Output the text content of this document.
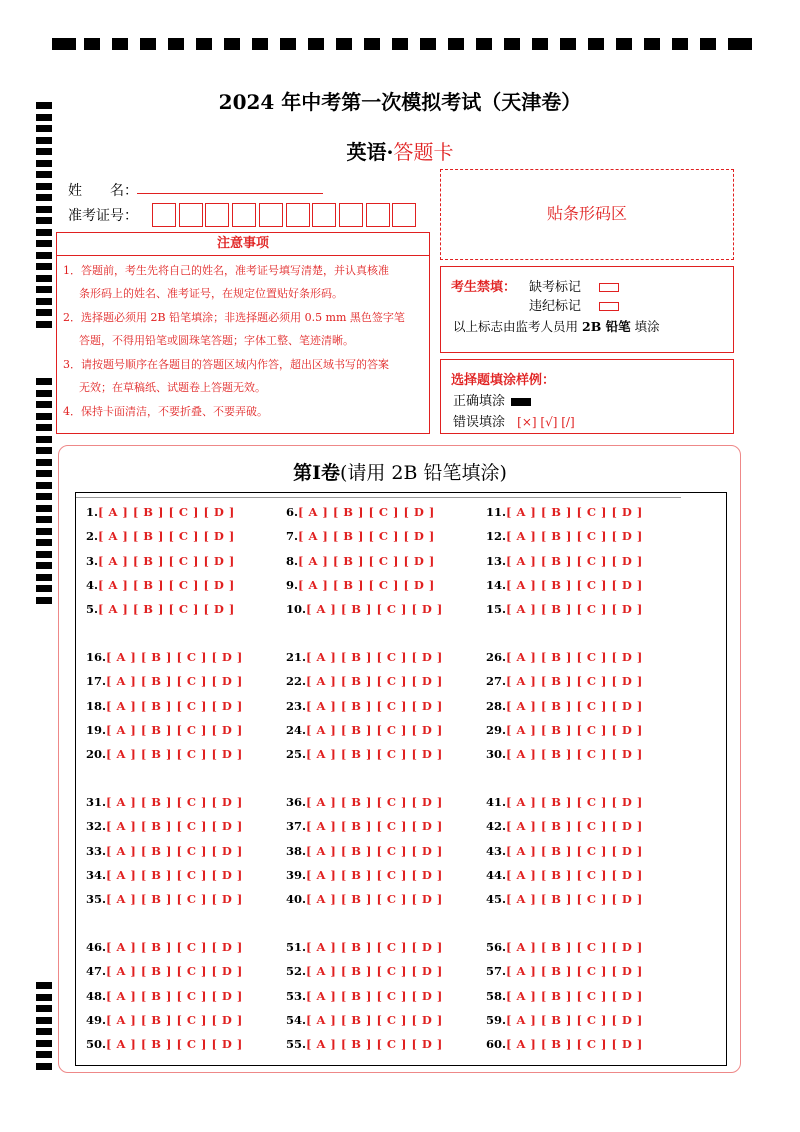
2024 年中考第一次模拟考试（天津卷）
英语·答题卡
姓　　名：
准考证号：	贴条形码区
注意事项
1．答题前，考生先将自己的姓名，准考证号填写清楚，并认真核准
条形码上的姓名、准考证号，在规定位置贴好条形码。
2．选择题必须用 2B 铅笔填涂；非选择题必须用 0.5 mm 黑色签字笔
答题，不得用铅笔或圆珠笔答题；字体工整、笔迹清晰。
3．请按题号顺序在各题目的答题区域内作答，超出区域书写的答案
无效；在草稿纸、试题卷上答题无效。
4．保持卡面清洁，不要折叠、不要弄破。
考生禁填： 缺考标记
违纪标记
以上标志由监考人员用 2B 铅笔 填涂
选择题填涂样例：
正确填涂
错误填涂 [×] [√] [/]
第Ⅰ卷(请用 2B 铅笔填涂)
1.[ A ] [ B ] [ C ] [ D ]
2.[ A ] [ B ] [ C ] [ D ]
3.[ A ] [ B ] [ C ] [ D ]
4.[ A ] [ B ] [ C ] [ D ]
5.[ A ] [ B ] [ C ] [ D ]
6.[ A ] [ B ] [ C ] [ D ]
7.[ A ] [ B ] [ C ] [ D ]
8.[ A ] [ B ] [ C ] [ D ]
9.[ A ] [ B ] [ C ] [ D ]
10.[ A ] [ B ] [ C ] [ D ]
11.[ A ] [ B ] [ C ] [ D ]
12.[ A ] [ B ] [ C ] [ D ]
13.[ A ] [ B ] [ C ] [ D ]
14.[ A ] [ B ] [ C ] [ D ]
15.[ A ] [ B ] [ C ] [ D ]
16.[ A ] [ B ] [ C ] [ D ]
17.[ A ] [ B ] [ C ] [ D ]
18.[ A ] [ B ] [ C ] [ D ]
19.[ A ] [ B ] [ C ] [ D ]
20.[ A ] [ B ] [ C ] [ D ]
21.[ A ] [ B ] [ C ] [ D ]
22.[ A ] [ B ] [ C ] [ D ]
23.[ A ] [ B ] [ C ] [ D ]
24.[ A ] [ B ] [ C ] [ D ]
25.[ A ] [ B ] [ C ] [ D ]
26.[ A ] [ B ] [ C ] [ D ]
27.[ A ] [ B ] [ C ] [ D ]
28.[ A ] [ B ] [ C ] [ D ]
29.[ A ] [ B ] [ C ] [ D ]
30.[ A ] [ B ] [ C ] [ D ]
31.[ A ] [ B ] [ C ] [ D ]
32.[ A ] [ B ] [ C ] [ D ]
33.[ A ] [ B ] [ C ] [ D ]
34.[ A ] [ B ] [ C ] [ D ]
35.[ A ] [ B ] [ C ] [ D ]
36.[ A ] [ B ] [ C ] [ D ]
37.[ A ] [ B ] [ C ] [ D ]
38.[ A ] [ B ] [ C ] [ D ]
39.[ A ] [ B ] [ C ] [ D ]
40.[ A ] [ B ] [ C ] [ D ]
41.[ A ] [ B ] [ C ] [ D ]
42.[ A ] [ B ] [ C ] [ D ]
43.[ A ] [ B ] [ C ] [ D ]
44.[ A ] [ B ] [ C ] [ D ]
45.[ A ] [ B ] [ C ] [ D ]
46.[ A ] [ B ] [ C ] [ D ]
47.[ A ] [ B ] [ C ] [ D ]
48.[ A ] [ B ] [ C ] [ D ]
49.[ A ] [ B ] [ C ] [ D ]
50.[ A ] [ B ] [ C ] [ D ]
51.[ A ] [ B ] [ C ] [ D ]
52.[ A ] [ B ] [ C ] [ D ]
53.[ A ] [ B ] [ C ] [ D ]
54.[ A ] [ B ] [ C ] [ D ]
55.[ A ] [ B ] [ C ] [ D ]
56.[ A ] [ B ] [ C ] [ D ]
57.[ A ] [ B ] [ C ] [ D ]
58.[ A ] [ B ] [ C ] [ D ]
59.[ A ] [ B ] [ C ] [ D ]
60.[ A ] [ B ] [ C ] [ D ]
